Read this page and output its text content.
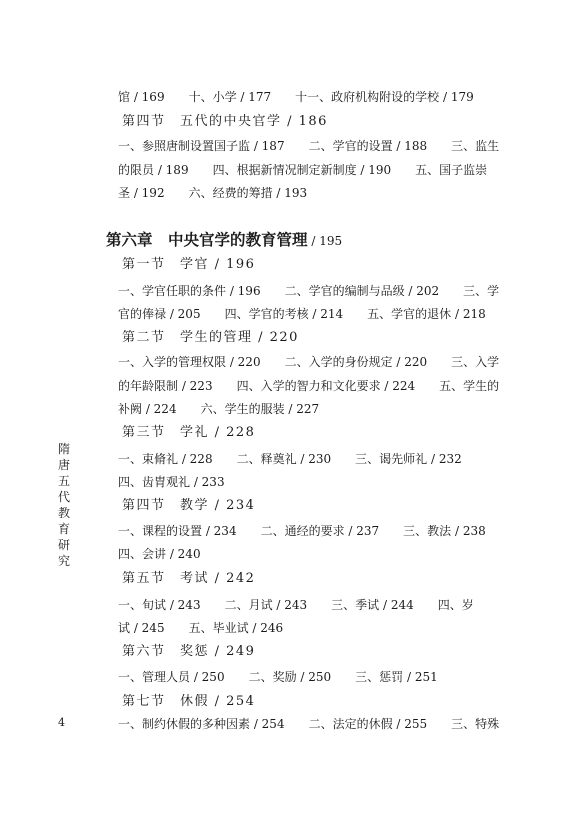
馆 / 169　　十、小学 / 177　　十一、政府机构附设的学校 / 179
第四节　五代的中央官学 / 186
一、参照唐制设置国子监 / 187　　二、学官的设置 / 188　　三、监生
的限员 / 189　　四、根据新情况制定新制度 / 190　　五、国子监崇
圣 / 192　　六、经费的筹措 / 193
第六章　中央官学的教育管理 / 195
第一节　学官 / 196
一、学官任职的条件 / 196　　二、学官的编制与品级 / 202　　三、学
官的俸禄 / 205　　四、学官的考核 / 214　　五、学官的退休 / 218
第二节　学生的管理 / 220
一、入学的管理权限 / 220　　二、入学的身份规定 / 220　　三、入学
的年龄限制 / 223　　四、入学的智力和文化要求 / 224　　五、学生的
补阙 / 224　　六、学生的服装 / 227
第三节　学礼 / 228
一、束脩礼 / 228　　二、释奠礼 / 230　　三、谒先师礼 / 232
四、齿胄观礼 / 233
第四节　教学 / 234
一、课程的设置 / 234　　二、通经的要求 / 237　　三、教法 / 238
四、会讲 / 240
第五节　考试 / 242
一、旬试 / 243　　二、月试 / 243　　三、季试 / 244　　四、岁
试 / 245　　五、毕业试 / 246
第六节　奖惩 / 249
一、管理人员 / 250　　二、奖励 / 250　　三、惩罚 / 251
第七节　休假 / 254
一、制约休假的多种因素 / 254　　二、法定的休假 / 255　　三、特殊
隋
唐
五
代
教
育
研
究
4
